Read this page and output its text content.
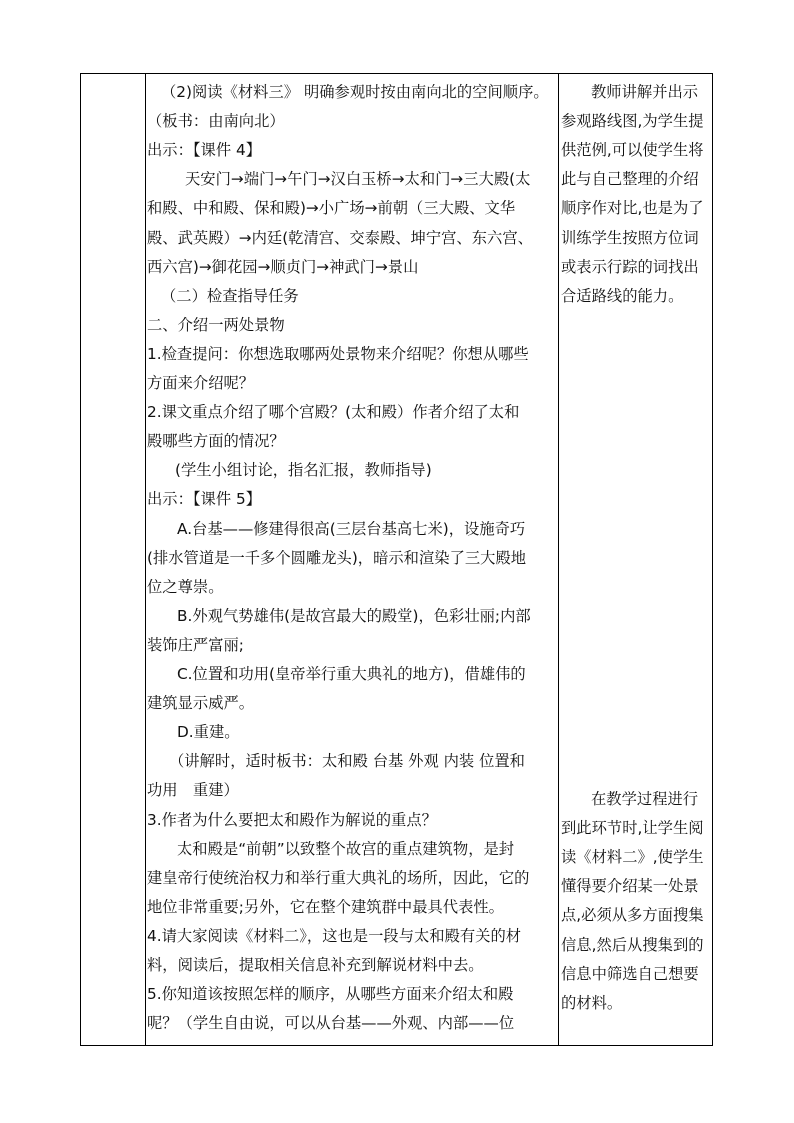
（2)阅读《材料三》 明确参观时按由南向北的空间顺序。
（板书：由南向北）
出示：【课件 4】
天安门→端门→午门→汉白玉桥→太和门→三大殿(太
和殿、中和殿、保和殿)→小广场→前朝（三大殿、文华
殿、武英殿）→内廷(乾清宫、交泰殿、坤宁宫、东六宫、
西六宫)→御花园→顺贞门→神武门→景山
（二）检查指导任务
二、介绍一两处景物
1.检查提问：你想选取哪两处景物来介绍呢？你想从哪些
方面来介绍呢？
2.课文重点介绍了哪个宫殿？(太和殿）作者介绍了太和
殿哪些方面的情况？
(学生小组讨论，指名汇报，教师指导)
出示：【课件 5】
A.台基——修建得很高(三层台基高七米)，设施奇巧
(排水管道是一千多个圆雕龙头)，暗示和渲染了三大殿地
位之尊崇。
B.外观气势雄伟(是故宫最大的殿堂)，色彩壮丽;内部
装饰庄严富丽;
C.位置和功用(皇帝举行重大典礼的地方)，借雄伟的
建筑显示威严。
D.重建。
（讲解时，适时板书：太和殿 台基 外观 内装 位置和
功用　重建）
3.作者为什么要把太和殿作为解说的重点？
太和殿是“前朝”以致整个故宫的重点建筑物，是封
建皇帝行使统治权力和举行重大典礼的场所，因此，它的
地位非常重要;另外，它在整个建筑群中最具代表性。
4.请大家阅读《材料二》，这也是一段与太和殿有关的材
料，阅读后，提取相关信息补充到解说材料中去。
5.你知道该按照怎样的顺序，从哪些方面来介绍太和殿
呢？（学生自由说，可以从台基——外观、内部——位
教师讲解并出示
参观路线图,为学生提
供范例,可以使学生将
此与自己整理的介绍
顺序作对比,也是为了
训练学生按照方位词
或表示行踪的词找出
合适路线的能力。
在教学过程进行
到此环节时,让学生阅
读《材料二》,使学生
懂得要介绍某一处景
点,必须从多方面搜集
信息,然后从搜集到的
信息中筛选自己想要
的材料。
